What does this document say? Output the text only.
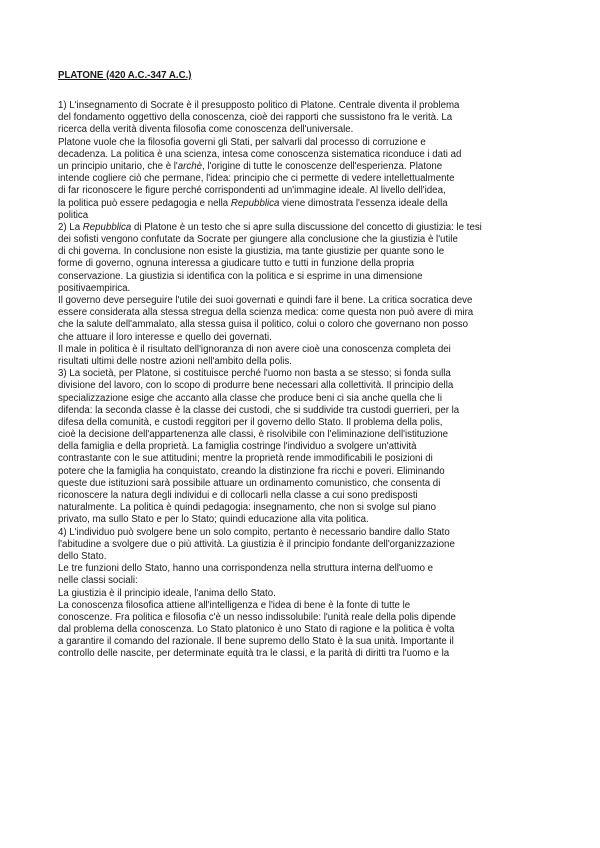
PLATONE (420 A.C.-347 A.C.)
1) L'insegnamento di Socrate è il presupposto politico di Platone. Centrale diventa il problema
del fondamento oggettivo della conoscenza, cioè dei rapporti che sussistono fra le verità. La
ricerca della verità diventa filosofia come conoscenza dell'universale.
Platone vuole che la filosofia governi gli Stati, per salvarli dal processo di corruzione e
decadenza. La politica è una scienza, intesa come conoscenza sistematica riconduce i dati ad
un principio unitario, che è l'archè, l'origine di tutte le conoscenze dell'esperienza. Platone
intende cogliere ciò che permane, l'idea: principio che ci permette di vedere intellettualmente
di far riconoscere le figure perché corrispondenti ad un'immagine ideale. Al livello dell'idea,
la politica può essere pedagogia e nella Repubblica viene dimostrata l'essenza ideale della
politica
2) La Repubblica di Platone è un testo che si apre sulla discussione del concetto di giustizia: le tesi
dei sofisti vengono confutate da Socrate per giungere alla conclusione che la giustizia è l'utile
di chi governa. In conclusione non esiste la giustizia, ma tante giustizie per quante sono le
forme di governo, ognuna interessa a giudicare tutto e tutti in funzione della propria
conservazione. La giustizia si identifica con la politica e si esprime in una dimensione
positivaempirica.
Il governo deve perseguire l'utile dei suoi governati e quindi fare il bene. La critica socratica deve
essere considerata alla stessa stregua della scienza medica: come questa non può avere di mira
che la salute dell'ammalato, alla stessa guisa il politico, colui o coloro che governano non posso
che attuare il loro interesse e quello dei governati.
Il male in politica è il risultato dell'ignoranza di non avere cioè una conoscenza completa dei
risultati ultimi delle nostre azioni nell'ambito della polis.
3) La società, per Platone, si costituisce perché l'uomo non basta a se stesso; si fonda sulla
divisione del lavoro, con lo scopo di produrre bene necessari alla collettività. Il principio della
specializzazione esige che accanto alla classe che produce beni ci sia anche quella che li
difenda: la seconda classe è la classe dei custodi, che si suddivide tra custodi guerrieri, per la
difesa della comunità, e custodi reggitori per il governo dello Stato. Il problema della polis,
cioè la decisione dell'appartenenza alle classi, è risolvibile con l'eliminazione dell'istituzione
della famiglia e della proprietà. La famiglia costringe l'individuo a svolgere un'attività
contrastante con le sue attitudini; mentre la proprietà rende immodificabili le posizioni di
potere che la famiglia ha conquistato, creando la distinzione fra ricchi e poveri. Eliminando
queste due istituzioni sarà possibile attuare un ordinamento comunistico, che consenta di
riconoscere la natura degli individui e di collocarli nella classe a cui sono predisposti
naturalmente. La politica è quindi pedagogia: insegnamento, che non si svolge sul piano
privato, ma sullo Stato e per lo Stato; quindi educazione alla vita politica.
4) L'individuo può svolgere bene un solo compito, pertanto è necessario bandire dallo Stato
l'abitudine a svolgere due o più attività. La giustizia è il principio fondante dell'organizzazione
dello Stato.
Le tre funzioni dello Stato, hanno una corrispondenza nella struttura interna dell'uomo e
nelle classi sociali:
La giustizia è il principio ideale, l'anima dello Stato.
La conoscenza filosofica attiene all'intelligenza e l'idea di bene è la fonte di tutte le
conoscenze. Fra politica e filosofia c'è un nesso indissolubile: l'unità reale della polis dipende
dal problema della conoscenza. Lo Stato platonico è uno Stato di ragione e la politica è volta
a garantire il comando del razionale. Il bene supremo dello Stato è la sua unità. Importante il
controllo delle nascite, per determinate equità tra le classi, e la parità di diritti tra l'uomo e la
